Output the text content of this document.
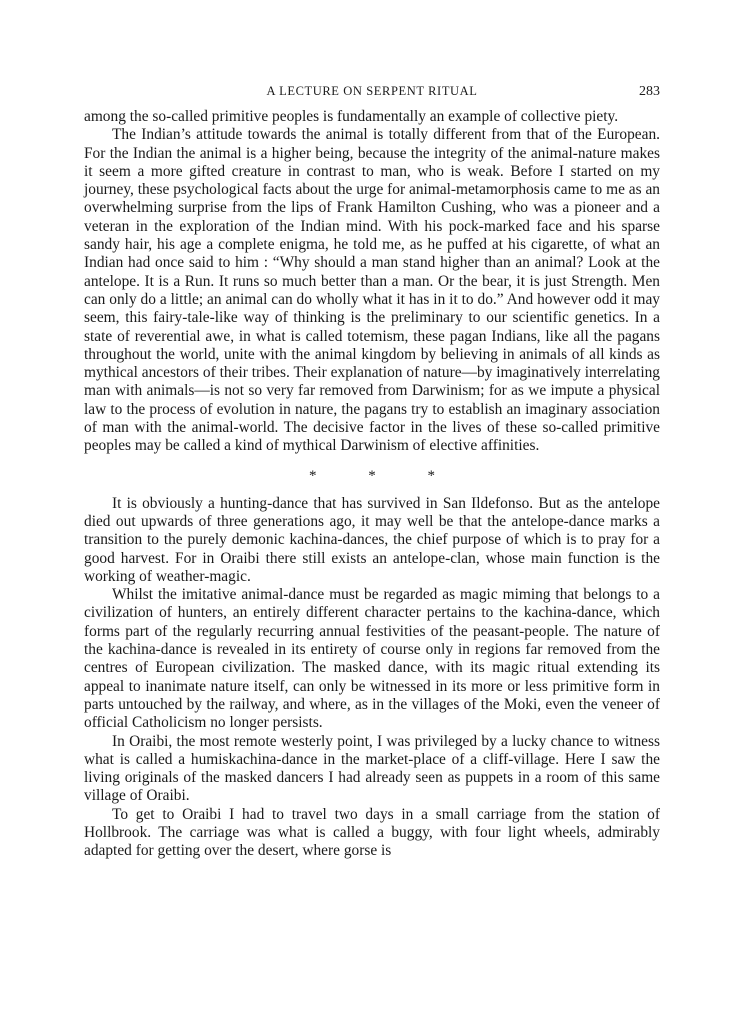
A LECTURE ON SERPENT RITUAL	283

among the so-called primitive peoples is fundamentally an example of collective piety.

The Indian’s attitude towards the animal is totally different from that of the European. For the Indian the animal is a higher being, because the integrity of the animal-nature makes it seem a more gifted creature in contrast to man, who is weak. Before I started on my journey, these psychological facts about the urge for animal-metamorphosis came to me as an overwhelming surprise from the lips of Frank Hamilton Cushing, who was a pioneer and a veteran in the exploration of the Indian mind. With his pock-marked face and his sparse sandy hair, his age a complete enigma, he told me, as he puffed at his cigarette, of what an Indian had once said to him : “Why should a man stand higher than an animal? Look at the antelope. It is a Run. It runs so much better than a man. Or the bear, it is just Strength. Men can only do a little; an animal can do wholly what it has in it to do.” And however odd it may seem, this fairy-tale-like way of thinking is the preliminary to our scientific genetics. In a state of reverential awe, in what is called totemism, these pagan Indians, like all the pagans throughout the world, unite with the animal kingdom by believing in animals of all kinds as mythical ancestors of their tribes. Their explanation of nature—by imaginatively interrelating man with animals—is not so very far removed from Darwinism; for as we impute a physical law to the process of evolution in nature, the pagans try to establish an imaginary association of man with the animal-world. The decisive factor in the lives of these so-called primitive peoples may be called a kind of mythical Darwinism of elective affinities.

*	*	*

It is obviously a hunting-dance that has survived in San Ildefonso. But as the antelope died out upwards of three generations ago, it may well be that the antelope-dance marks a transition to the purely demonic kachina-dances, the chief purpose of which is to pray for a good harvest. For in Oraibi there still exists an antelope-clan, whose main function is the working of weather-magic.

Whilst the imitative animal-dance must be regarded as magic miming that belongs to a civilization of hunters, an entirely different character pertains to the kachina-dance, which forms part of the regularly recurring annual festivities of the peasant-people. The nature of the kachina-dance is revealed in its entirety of course only in regions far removed from the centres of European civilization. The masked dance, with its magic ritual extending its appeal to inanimate nature itself, can only be witnessed in its more or less primitive form in parts untouched by the railway, and where, as in the villages of the Moki, even the veneer of official Catholicism no longer persists.

In Oraibi, the most remote westerly point, I was privileged by a lucky chance to witness what is called a humiskachina-dance in the market-place of a cliff-village. Here I saw the living originals of the masked dancers I had already seen as puppets in a room of this same village of Oraibi.

To get to Oraibi I had to travel two days in a small carriage from the station of Hollbrook. The carriage was what is called a buggy, with four light wheels, admirably adapted for getting over the desert, where gorse is
